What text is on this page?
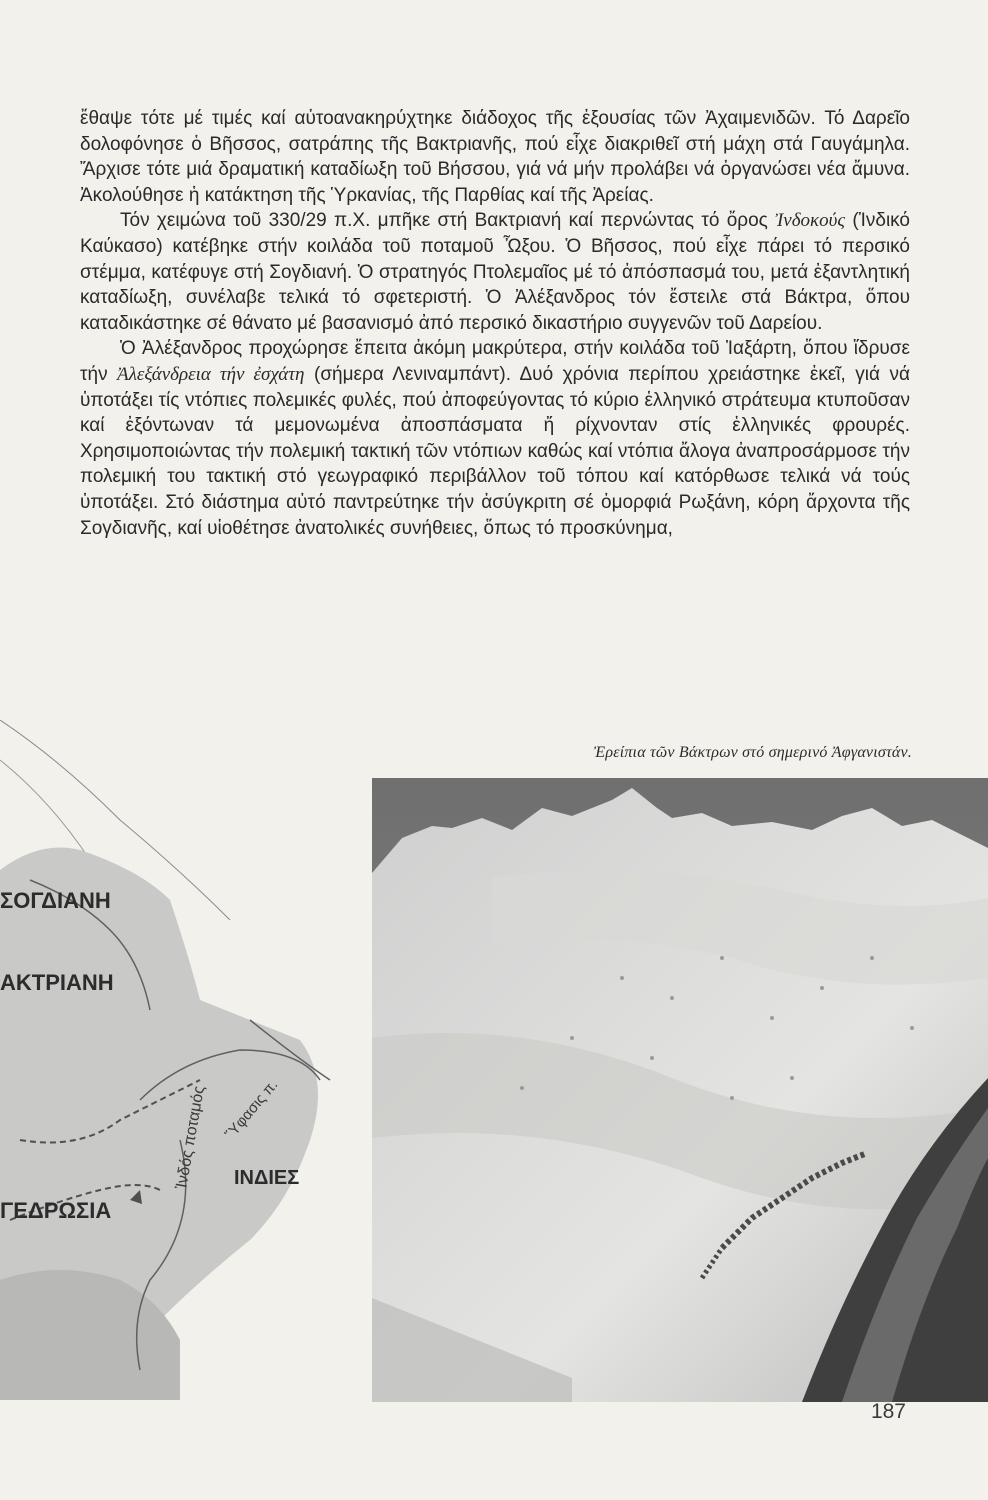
ἔθαψε τότε μέ τιμές καί αὐτοανακηρύχτηκε διάδοχος τῆς ἐξουσίας τῶν Ἀχαιμενιδῶν. Τό Δαρεῖο δολοφόνησε ὁ Βῆσσος, σατράπης τῆς Βακτριανῆς, πού εἶχε διακριθεῖ στή μάχη στά Γαυγάμηλα. Ἄρχισε τότε μιά δραματική καταδίωξη τοῦ Βήσσου, γιά νά μήν προλάβει νά ὀργανώσει νέα ἄμυνα. Ἀκολούθησε ἡ κατάκτηση τῆς Ὑρκανίας, τῆς Παρθίας καί τῆς Ἀρείας.

Τόν χειμώνα τοῦ 330/29 π.Χ. μπῆκε στή Βακτριανή καί περνώντας τό ὄρος Ἰνδοκούς (Ἰνδικό Καύκασο) κατέβηκε στήν κοιλάδα τοῦ ποταμοῦ Ὦξου. Ὁ Βῆσσος, πού εἶχε πάρει τό περσικό στέμμα, κατέφυγε στή Σογδιανή. Ὁ στρατηγός Πτολεμαῖος μέ τό ἀπόσπασμά του, μετά ἐξαντλητική καταδίωξη, συνέλαβε τελικά τό σφετεριστή. Ὁ Ἀλέξανδρος τόν ἔστειλε στά Βάκτρα, ὅπου καταδικάστηκε σέ θάνατο μέ βασανισμό ἀπό περσικό δικαστήριο συγγενῶν τοῦ Δαρείου.

Ὁ Ἀλέξανδρος προχώρησε ἔπειτα ἀκόμη μακρύτερα, στήν κοιλάδα τοῦ Ἰαξάρτη, ὅπου ἵδρυσε τήν Ἀλεξάνδρεια τήν ἐσχάτη (σήμερα Λενιναμπάντ). Δυό χρόνια περίπου χρειάστηκε ἐκεῖ, γιά νά ὑποτάξει τίς ντόπιες πολεμικές φυλές, πού ἀποφεύγοντας τό κύριο ἑλληνικό στράτευμα κτυποῦσαν καί ἐξόντωναν τά μεμονωμένα ἀποσπάσματα ἤ ρίχνονταν στίς ἑλληνικές φρουρές. Χρησιμοποιώντας τήν πολεμική τακτική τῶν ντόπιων καθώς καί ντόπια ἄλογα ἀναπροσάρμοσε τήν πολεμική του τακτική στό γεωγραφικό περιβάλλον τοῦ τόπου καί κατόρθωσε τελικά νά τούς ὑποτάξει. Στό διάστημα αὐτό παντρεύτηκε τήν ἀσύγκριτη σέ ὀμορφιά Ρωξάνη, κόρη ἄρχοντα τῆς Σογδιανῆς, καί υἱοθέτησε ἀνατολικές συνήθειες, ὅπως τό προσκύνημα,

Ἐρείπια τῶν Βάκτρων στό σημερινό Ἀφγανιστάν.
ΣΟΓΔΙΑΝΗ
ΑΚΤΡΙΑΝΗ
ΓΕΔΡΩΣΙΑ
ΙΝΔΙΕΣ
Ἰνδός ποταμός Ὕφασις π.
187
